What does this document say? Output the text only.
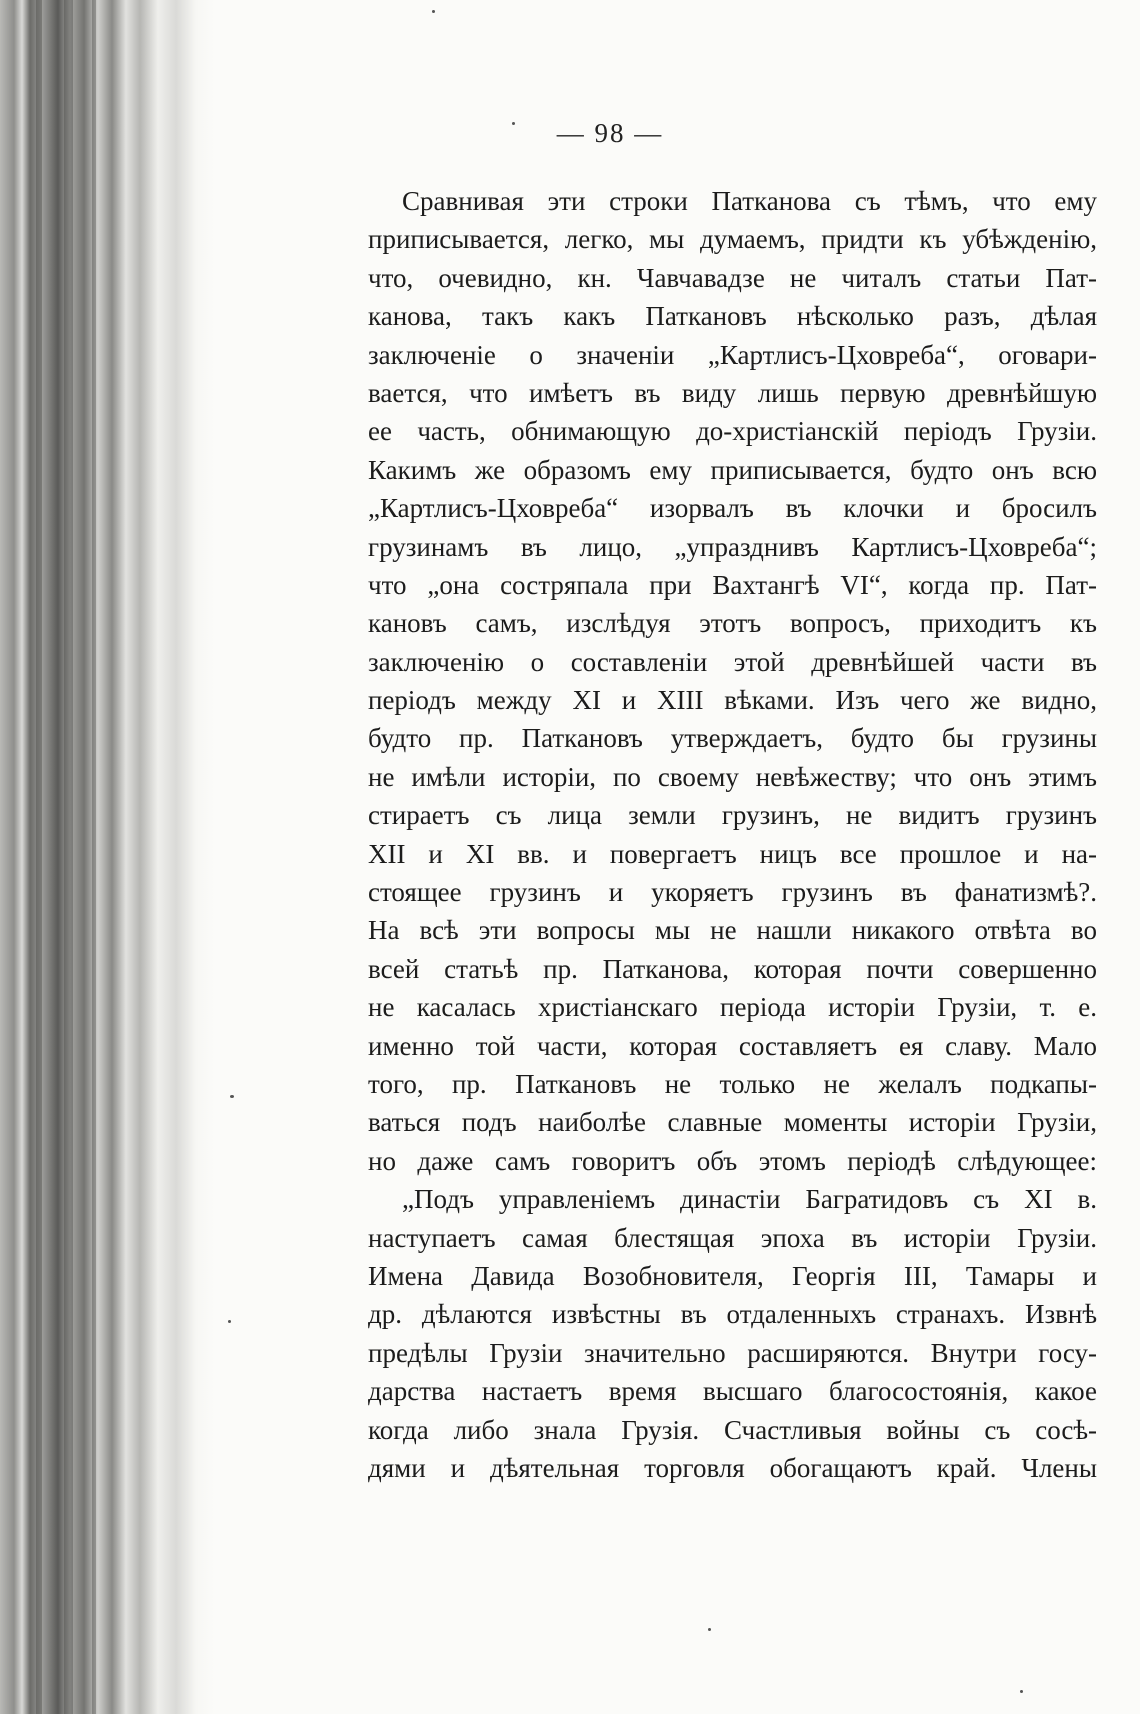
— 98 —
Сравнивая эти строки Патканова съ тѣмъ, что ему
приписывается, легко, мы думаемъ, придти къ убѣжденію,
что, очевидно, кн. Чавчавадзе не читалъ статьи Пат-
канова, такъ какъ Паткановъ нѣсколько разъ, дѣлая
заключеніе о значеніи „Картлисъ-Цховреба“, оговари-
вается, что имѣетъ въ виду лишь первую древнѣйшую
ее часть, обнимающую до-христіанскій періодъ Грузіи.
Какимъ же образомъ ему приписывается, будто онъ всю
„Картлисъ-Цховреба“ изорвалъ въ клочки и бросилъ
грузинамъ въ лицо, „упразднивъ Картлисъ-Цховреба“;
что „она состряпала при Вахтангѣ VI“, когда пр. Пат-
кановъ самъ, изслѣдуя этотъ вопросъ, приходитъ къ
заключенію о составленіи этой древнѣйшей части въ
періодъ между XI и XIII вѣками. Изъ чего же видно,
будто пр. Паткановъ утверждаетъ, будто бы грузины
не имѣли исторіи, по своему невѣжеству; что онъ этимъ
стираетъ съ лица земли грузинъ, не видитъ грузинъ
XII и XI вв. и повергаетъ ницъ все прошлое и на-
стоящее грузинъ и укоряетъ грузинъ въ фанатизмѣ?.
На всѣ эти вопросы мы не нашли никакого отвѣта во
всей статьѣ пр. Патканова, которая почти совершенно
не касалась христіанскаго періода исторіи Грузіи, т. е.
именно той части, которая составляетъ ея славу. Мало
того, пр. Паткановъ не только не желалъ подкапы-
ваться подъ наиболѣе славные моменты исторіи Грузіи,
но даже самъ говоритъ объ этомъ періодѣ слѣдующее:
„Подъ управленіемъ династіи Багратидовъ съ XI в.
наступаетъ самая блестящая эпоха въ исторіи Грузіи.
Имена Давида Возобновителя, Георгія III, Тамары и
др. дѣлаются извѣстны въ отдаленныхъ странахъ. Извнѣ
предѣлы Грузіи значительно расширяются. Внутри госу-
дарства настаетъ время высшаго благосостоянія, какое
когда либо знала Грузія. Счастливыя войны съ сосѣ-
дями и дѣятельная торговля обогащаютъ край. Члены
